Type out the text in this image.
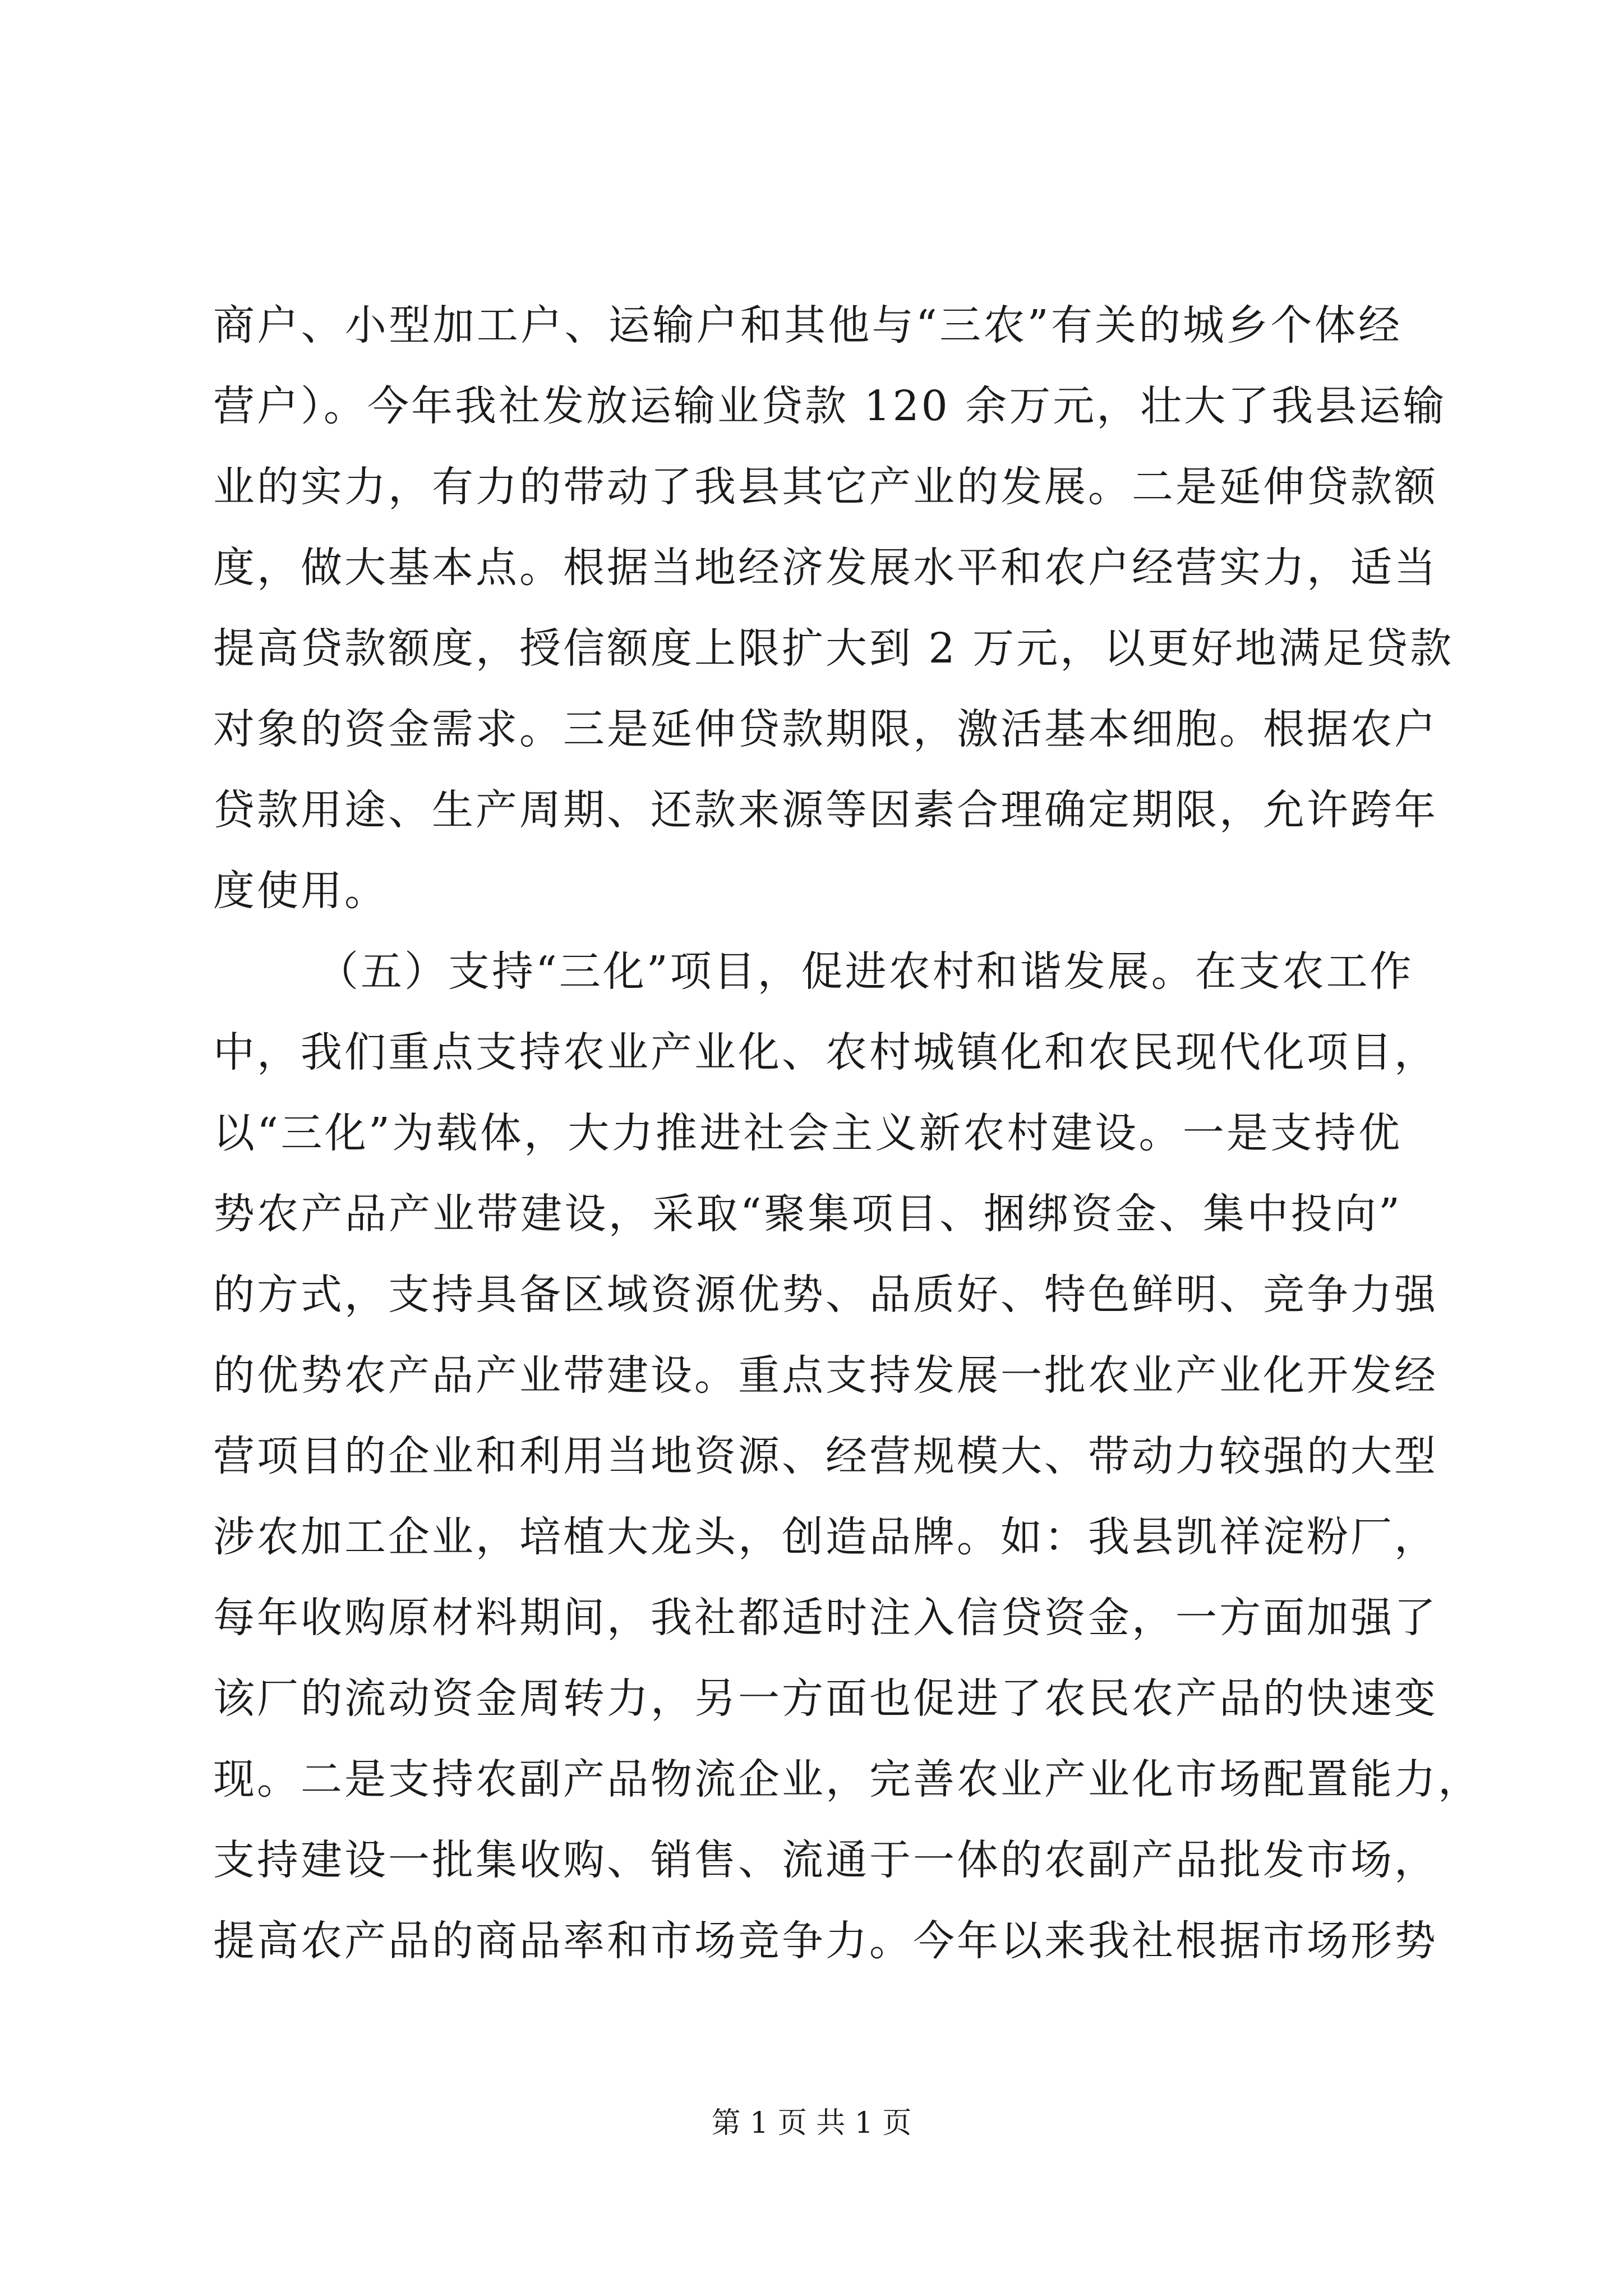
商户、小型加工户、运输户和其他与“三农”有关的城乡个体经
营户）。今年我社发放运输业贷款 120 余万元，壮大了我县运输
业的实力，有力的带动了我县其它产业的发展。二是延伸贷款额
度，做大基本点。根据当地经济发展水平和农户经营实力，适当
提高贷款额度，授信额度上限扩大到 2 万元，以更好地满足贷款
对象的资金需求。三是延伸贷款期限，激活基本细胞。根据农户
贷款用途、生产周期、还款来源等因素合理确定期限，允许跨年
度使用。
（五）支持“三化”项目，促进农村和谐发展。在支农工作
中，我们重点支持农业产业化、农村城镇化和农民现代化项目，
以“三化”为载体，大力推进社会主义新农村建设。一是支持优
势农产品产业带建设，采取“聚集项目、捆绑资金、集中投向”
的方式，支持具备区域资源优势、品质好、特色鲜明、竞争力强
的优势农产品产业带建设。重点支持发展一批农业产业化开发经
营项目的企业和利用当地资源、经营规模大、带动力较强的大型
涉农加工企业，培植大龙头，创造品牌。如：我县凯祥淀粉厂，
每年收购原材料期间，我社都适时注入信贷资金，一方面加强了
该厂的流动资金周转力，另一方面也促进了农民农产品的快速变
现。二是支持农副产品物流企业，完善农业产业化市场配置能力，
支持建设一批集收购、销售、流通于一体的农副产品批发市场，
提高农产品的商品率和市场竞争力。今年以来我社根据市场形势
第 1 页 共 1 页
